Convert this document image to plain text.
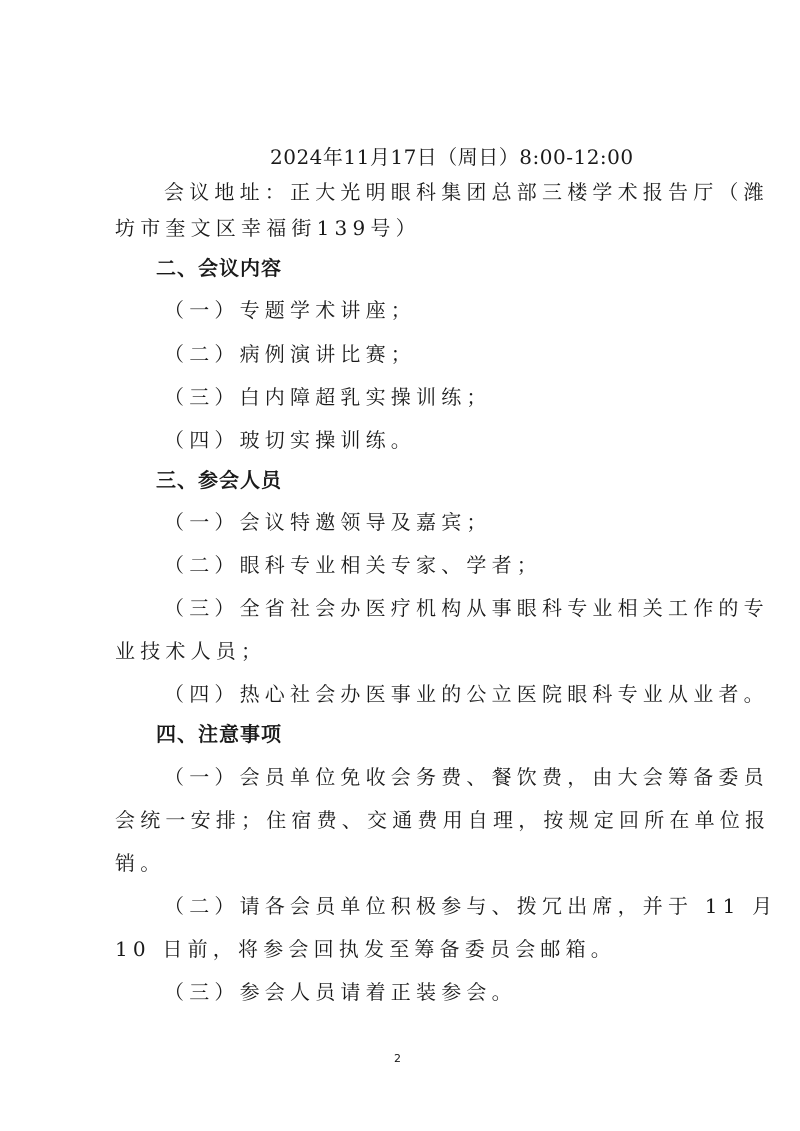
2024年11月17日（周日）8:00-12:00
会议地址：正大光明眼科集团总部三楼学术报告厅（潍
坊市奎文区幸福街139号）
二、会议内容
（一）专题学术讲座；
（二）病例演讲比赛；
（三）白内障超乳实操训练；
（四）玻切实操训练。
三、参会人员
（一）会议特邀领导及嘉宾；
（二）眼科专业相关专家、学者；
（三）全省社会办医疗机构从事眼科专业相关工作的专
业技术人员；
（四）热心社会办医事业的公立医院眼科专业从业者。
四、注意事项
（一）会员单位免收会务费、餐饮费，由大会筹备委员
会统一安排；住宿费、交通费用自理，按规定回所在单位报
销。
（二）请各会员单位积极参与、拨冗出席，并于 11 月
10 日前，将参会回执发至筹备委员会邮箱。
（三）参会人员请着正装参会。
2
